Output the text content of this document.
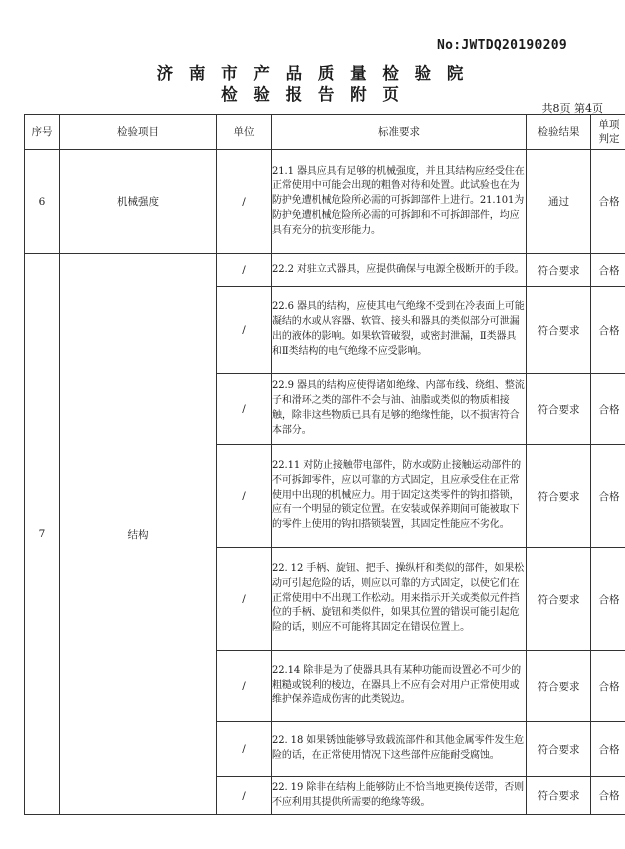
No:JWTDQ20190209
济 南 市 产 品 质 量 检 验 院
检 验 报 告 附 页
共8页 第4页
序号	检验项目	单位	标准要求	检验结果	单项判定
6	机械强度	/	21.1 器具应具有足够的机械强度，并且其结构应经受住在正常使用中可能会出现的粗鲁对待和处置。此试验也在为防护免遭机械危险所必需的可拆卸部件上进行。21.101为防护免遭机械危险所必需的可拆卸和不可拆卸部件，均应具有充分的抗变形能力。	通过	合格
7	结构	/	22.2 对驻立式器具，应提供确保与电源全极断开的手段。	符合要求	合格
		/	22.6 器具的结构，应使其电气绝缘不受到在冷表面上可能凝结的水或从容器、软管、接头和器具的类似部分可泄漏出的液体的影响。如果软管破裂，或密封泄漏，Ⅱ类器具和Ⅱ类结构的电气绝缘不应受影响。	符合要求	合格
		/	22.9 器具的结构应使得诸如绝缘、内部布线、绕组、整流子和滑环之类的部件不会与油、油脂或类似的物质相接触，除非这些物质已具有足够的绝缘性能，以不损害符合本部分。	符合要求	合格
		/	22.11 对防止接触带电部件，防水或防止接触运动部件的不可拆卸零件，应以可靠的方式固定，且应承受住在正常使用中出现的机械应力。用于固定这类零件的钩扣搭锁，应有一个明显的锁定位置。在安装或保养期间可能被取下的零件上使用的钩扣搭锁装置，其固定性能应不劣化。	符合要求	合格
		/	22. 12 手柄、旋钮、把手、操纵杆和类似的部件，如果松动可引起危险的话，则应以可靠的方式固定，以使它们在正常使用中不出现工作松动。用来指示开关或类似元件挡位的手柄、旋钮和类似件，如果其位置的错误可能引起危险的话，则应不可能将其固定在错误位置上。	符合要求	合格
		/	22.14 除非是为了使器具具有某种功能而设置必不可少的粗糙或锐利的棱边，在器具上不应有会对用户正常使用或维护保养造成伤害的此类锐边。	符合要求	合格
		/	22. 18 如果锈蚀能够导致载流部件和其他金属零件发生危险的话，在正常使用情况下这些部件应能耐受腐蚀。	符合要求	合格
		/	22. 19 除非在结构上能够防止不恰当地更换传送带，否则不应利用其提供所需要的绝缘等级。	符合要求	合格
